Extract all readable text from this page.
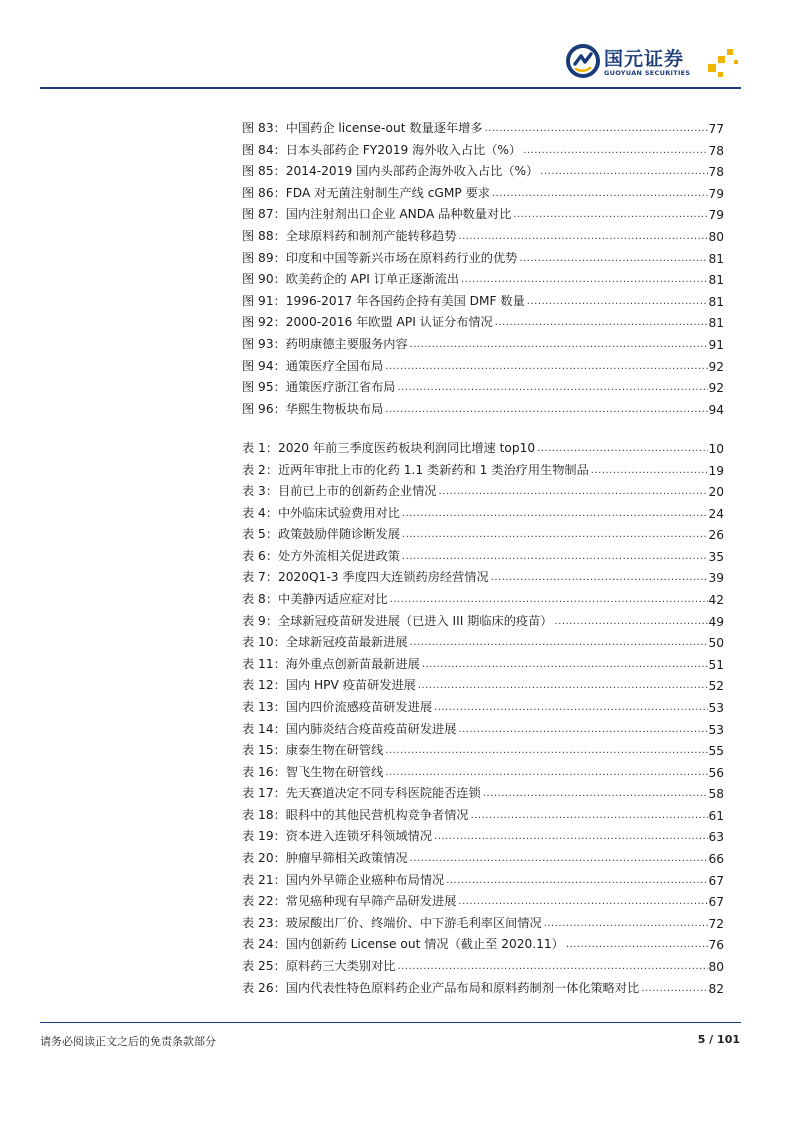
国元证券
GUOYUAN SECURITIES
图 83： 中国药企 license-out 数量逐年增多 .....	77
图 84： 日本头部药企 FY2019 海外收入占比（%） .....	78
图 85： 2014-2019 国内头部药企海外收入占比（%） .....	78
图 86： FDA 对无菌注射制生产线 cGMP 要求 .....	79
图 87： 国内注射剂出口企业 ANDA 品种数量对比 .....	79
图 88： 全球原料药和制剂产能转移趋势 .....	80
图 89： 印度和中国等新兴市场在原料药行业的优势 .....	81
图 90： 欧美药企的 API 订单正逐渐流出 .....	81
图 91： 1996-2017 年各国药企持有美国 DMF 数量 .....	81
图 92： 2000-2016 年欧盟 API 认证分布情况 .....	81
图 93： 药明康德主要服务内容 .....	91
图 94： 通策医疗全国布局 .....	92
图 95： 通策医疗浙江省布局 .....	92
图 96： 华熙生物板块布局 .....	94
表 1： 2020 年前三季度医药板块利润同比增速 top10 .....	10
表 2： 近两年审批上市的化药 1.1 类新药和 1 类治疗用生物制品 .....	19
表 3： 目前已上市的创新药企业情况 .....	20
表 4： 中外临床试验费用对比 .....	24
表 5： 政策鼓励伴随诊断发展 .....	26
表 6： 处方外流相关促进政策 .....	35
表 7： 2020Q1-3 季度四大连锁药房经营情况 .....	39
表 8： 中美静丙适应症对比 .....	42
表 9： 全球新冠疫苗研发进展（已进入 III 期临床的疫苗） .....	49
表 10： 全球新冠疫苗最新进展 .....	50
表 11： 海外重点创新苗最新进展 .....	51
表 12： 国内 HPV 疫苗研发进展 .....	52
表 13： 国内四价流感疫苗研发进展 .....	53
表 14： 国内肺炎结合疫苗疫苗研发进展 .....	53
表 15： 康泰生物在研管线 .....	55
表 16： 智飞生物在研管线 .....	56
表 17： 先天赛道决定不同专科医院能否连锁 .....	58
表 18： 眼科中的其他民营机构竞争者情况 .....	61
表 19： 资本进入连锁牙科领域情况 .....	63
表 20： 肿瘤早筛相关政策情况 .....	66
表 21： 国内外早筛企业癌种布局情况 .....	67
表 22： 常见癌种现有早筛产品研发进展 .....	67
表 23： 玻尿酸出厂价、终端价、中下游毛利率区间情况 .....	72
表 24： 国内创新药 License out 情况（截止至 2020.11） .....	76
表 25： 原料药三大类别对比 .....	80
表 26： 国内代表性特色原料药企业产品布局和原料药制剂一体化策略对比 .....	82
请务必阅读正文之后的免责条款部分	5 / 101
